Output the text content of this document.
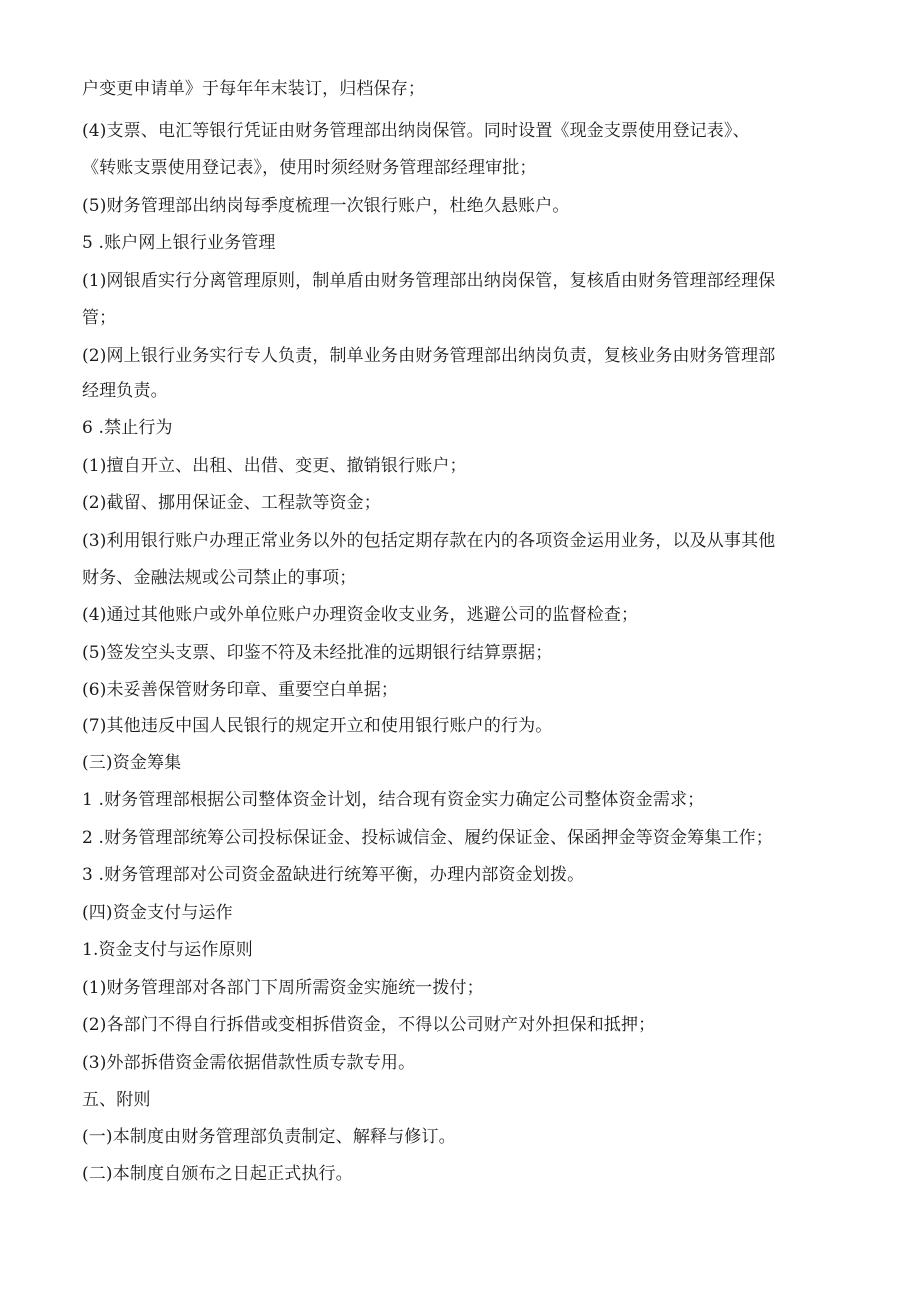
户变更申请单》于每年年末装订，归档保存；
(4)支票、电汇等银行凭证由财务管理部出纳岗保管。同时设置《现金支票使用登记表》、
《转账支票使用登记表》，使用时须经财务管理部经理审批；
(5)财务管理部出纳岗每季度梳理一次银行账户，杜绝久悬账户。
5 .账户网上银行业务管理
(1)网银盾实行分离管理原则，制单盾由财务管理部出纳岗保管，复核盾由财务管理部经理保
管；
(2)网上银行业务实行专人负责，制单业务由财务管理部出纳岗负责，复核业务由财务管理部
经理负责。
6 .禁止行为
(1)擅自开立、出租、出借、变更、撤销银行账户；
(2)截留、挪用保证金、工程款等资金；
(3)利用银行账户办理正常业务以外的包括定期存款在内的各项资金运用业务，以及从事其他
财务、金融法规或公司禁止的事项；
(4)通过其他账户或外单位账户办理资金收支业务，逃避公司的监督检查；
(5)签发空头支票、印鉴不符及未经批准的远期银行结算票据；
(6)未妥善保管财务印章、重要空白单据；
(7)其他违反中国人民银行的规定开立和使用银行账户的行为。
(三)资金筹集
1 .财务管理部根据公司整体资金计划，结合现有资金实力确定公司整体资金需求；
2 .财务管理部统筹公司投标保证金、投标诚信金、履约保证金、保函押金等资金筹集工作；
3 .财务管理部对公司资金盈缺进行统筹平衡，办理内部资金划拨。
(四)资金支付与运作
1.资金支付与运作原则
(1)财务管理部对各部门下周所需资金实施统一拨付；
(2)各部门不得自行拆借或变相拆借资金，不得以公司财产对外担保和抵押；
(3)外部拆借资金需依据借款性质专款专用。
五、附则
(一)本制度由财务管理部负责制定、解释与修订。
(二)本制度自颁布之日起正式执行。
